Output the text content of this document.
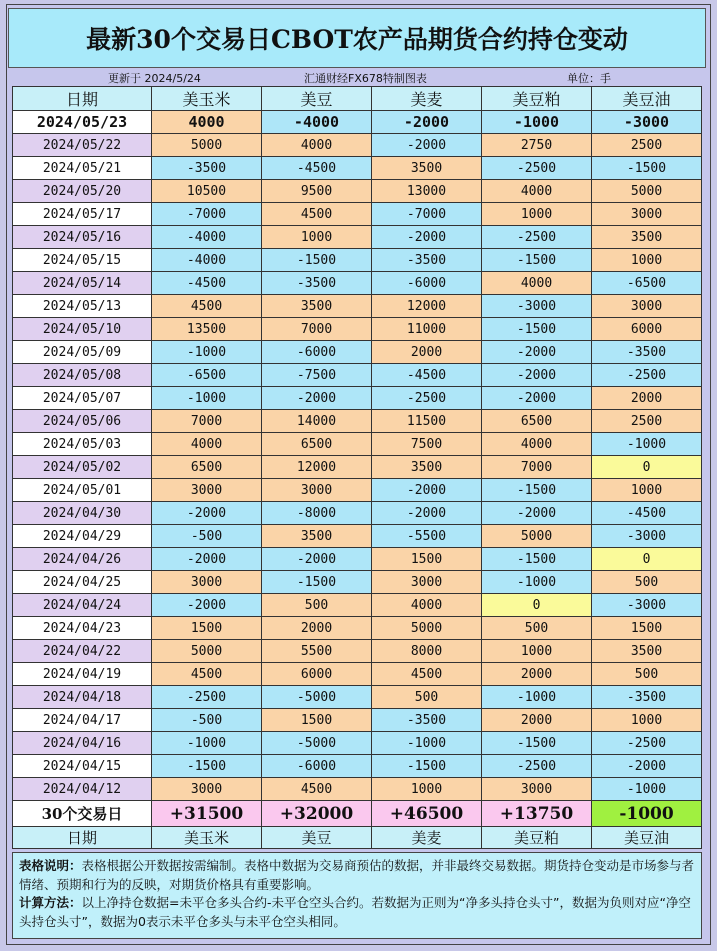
最新30个交易日CBOT农产品期货合约持仓变动
更新于 2024/5/24	汇通财经FX678特制图表	单位：手
日期	美玉米	美豆	美麦	美豆粕	美豆油
2024/05/23	4000	-4000	-2000	-1000	-3000
2024/05/22	5000	4000	-2000	2750	2500
2024/05/21	-3500	-4500	3500	-2500	-1500
2024/05/20	10500	9500	13000	4000	5000
2024/05/17	-7000	4500	-7000	1000	3000
2024/05/16	-4000	1000	-2000	-2500	3500
2024/05/15	-4000	-1500	-3500	-1500	1000
2024/05/14	-4500	-3500	-6000	4000	-6500
2024/05/13	4500	3500	12000	-3000	3000
2024/05/10	13500	7000	11000	-1500	6000
2024/05/09	-1000	-6000	2000	-2000	-3500
2024/05/08	-6500	-7500	-4500	-2000	-2500
2024/05/07	-1000	-2000	-2500	-2000	2000
2024/05/06	7000	14000	11500	6500	2500
2024/05/03	4000	6500	7500	4000	-1000
2024/05/02	6500	12000	3500	7000	0
2024/05/01	3000	3000	-2000	-1500	1000
2024/04/30	-2000	-8000	-2000	-2000	-4500
2024/04/29	-500	3500	-5500	5000	-3000
2024/04/26	-2000	-2000	1500	-1500	0
2024/04/25	3000	-1500	3000	-1000	500
2024/04/24	-2000	500	4000	0	-3000
2024/04/23	1500	2000	5000	500	1500
2024/04/22	5000	5500	8000	1000	3500
2024/04/19	4500	6000	4500	2000	500
2024/04/18	-2500	-5000	500	-1000	-3500
2024/04/17	-500	1500	-3500	2000	1000
2024/04/16	-1000	-5000	-1000	-1500	-2500
2024/04/15	-1500	-6000	-1500	-2500	-2000
2024/04/12	3000	4500	1000	3000	-1000
30个交易日	+31500	+32000	+46500	+13750	-1000
日期	美玉米	美豆	美麦	美豆粕	美豆油
表格说明：表格根据公开数据按需编制。表格中数据为交易商预估的数据，并非最终交易数据。期货持仓变动是市场参与者情绪、预期和行为的反映，对期货价格具有重要影响。
计算方法：以上净持仓数据=未平仓多头合约-未平仓空头合约。若数据为正则为“净多头持仓头寸”，数据为负则对应“净空头持仓头寸”，数据为0表示未平仓多头与未平仓空头相同。
